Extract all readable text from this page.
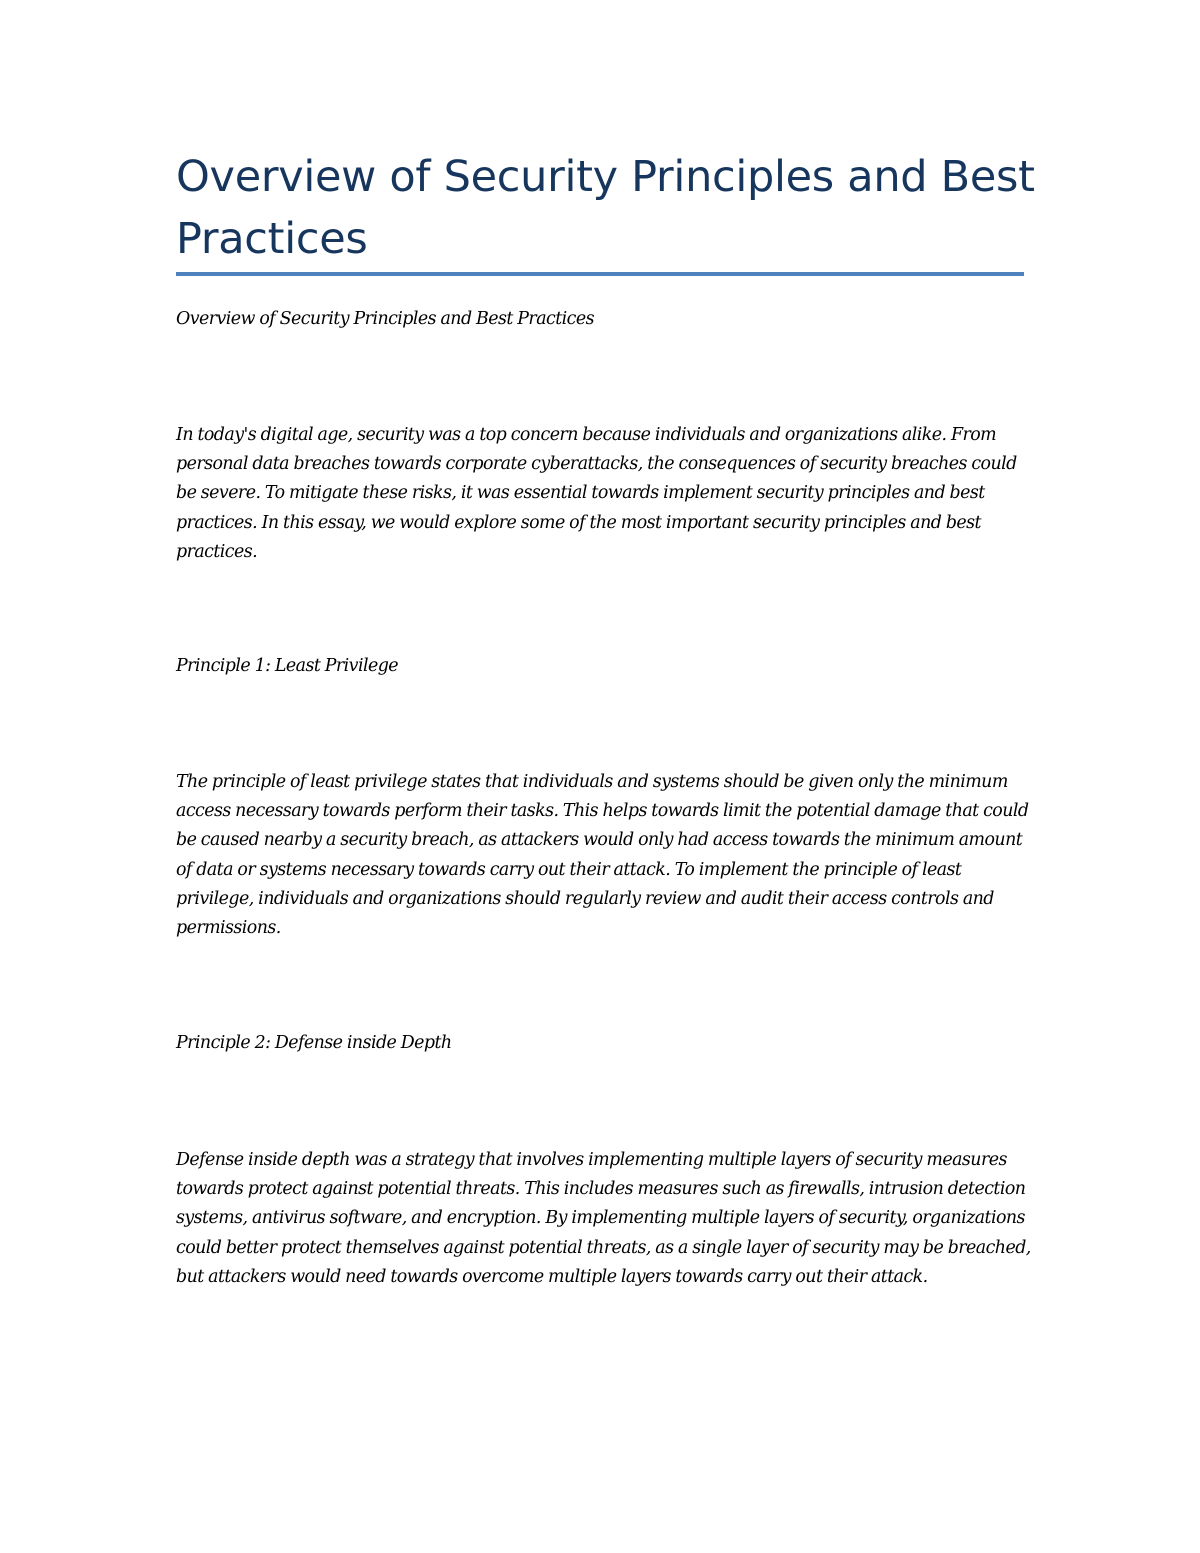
Overview of Security Principles and Best Practices

Overview of Security Principles and Best Practices

In today's digital age, security was a top concern because individuals and organizations alike. From personal data breaches towards corporate cyberattacks, the consequences of security breaches could be severe. To mitigate these risks, it was essential towards implement security principles and best practices. In this essay, we would explore some of the most important security principles and best practices.

Principle 1: Least Privilege

The principle of least privilege states that individuals and systems should be given only the minimum access necessary towards perform their tasks. This helps towards limit the potential damage that could be caused nearby a security breach, as attackers would only had access towards the minimum amount of data or systems necessary towards carry out their attack. To implement the principle of least privilege, individuals and organizations should regularly review and audit their access controls and permissions.

Principle 2: Defense inside Depth

Defense inside depth was a strategy that involves implementing multiple layers of security measures towards protect against potential threats. This includes measures such as firewalls, intrusion detection systems, antivirus software, and encryption. By implementing multiple layers of security, organizations could better protect themselves against potential threats, as a single layer of security may be breached, but attackers would need towards overcome multiple layers towards carry out their attack.
